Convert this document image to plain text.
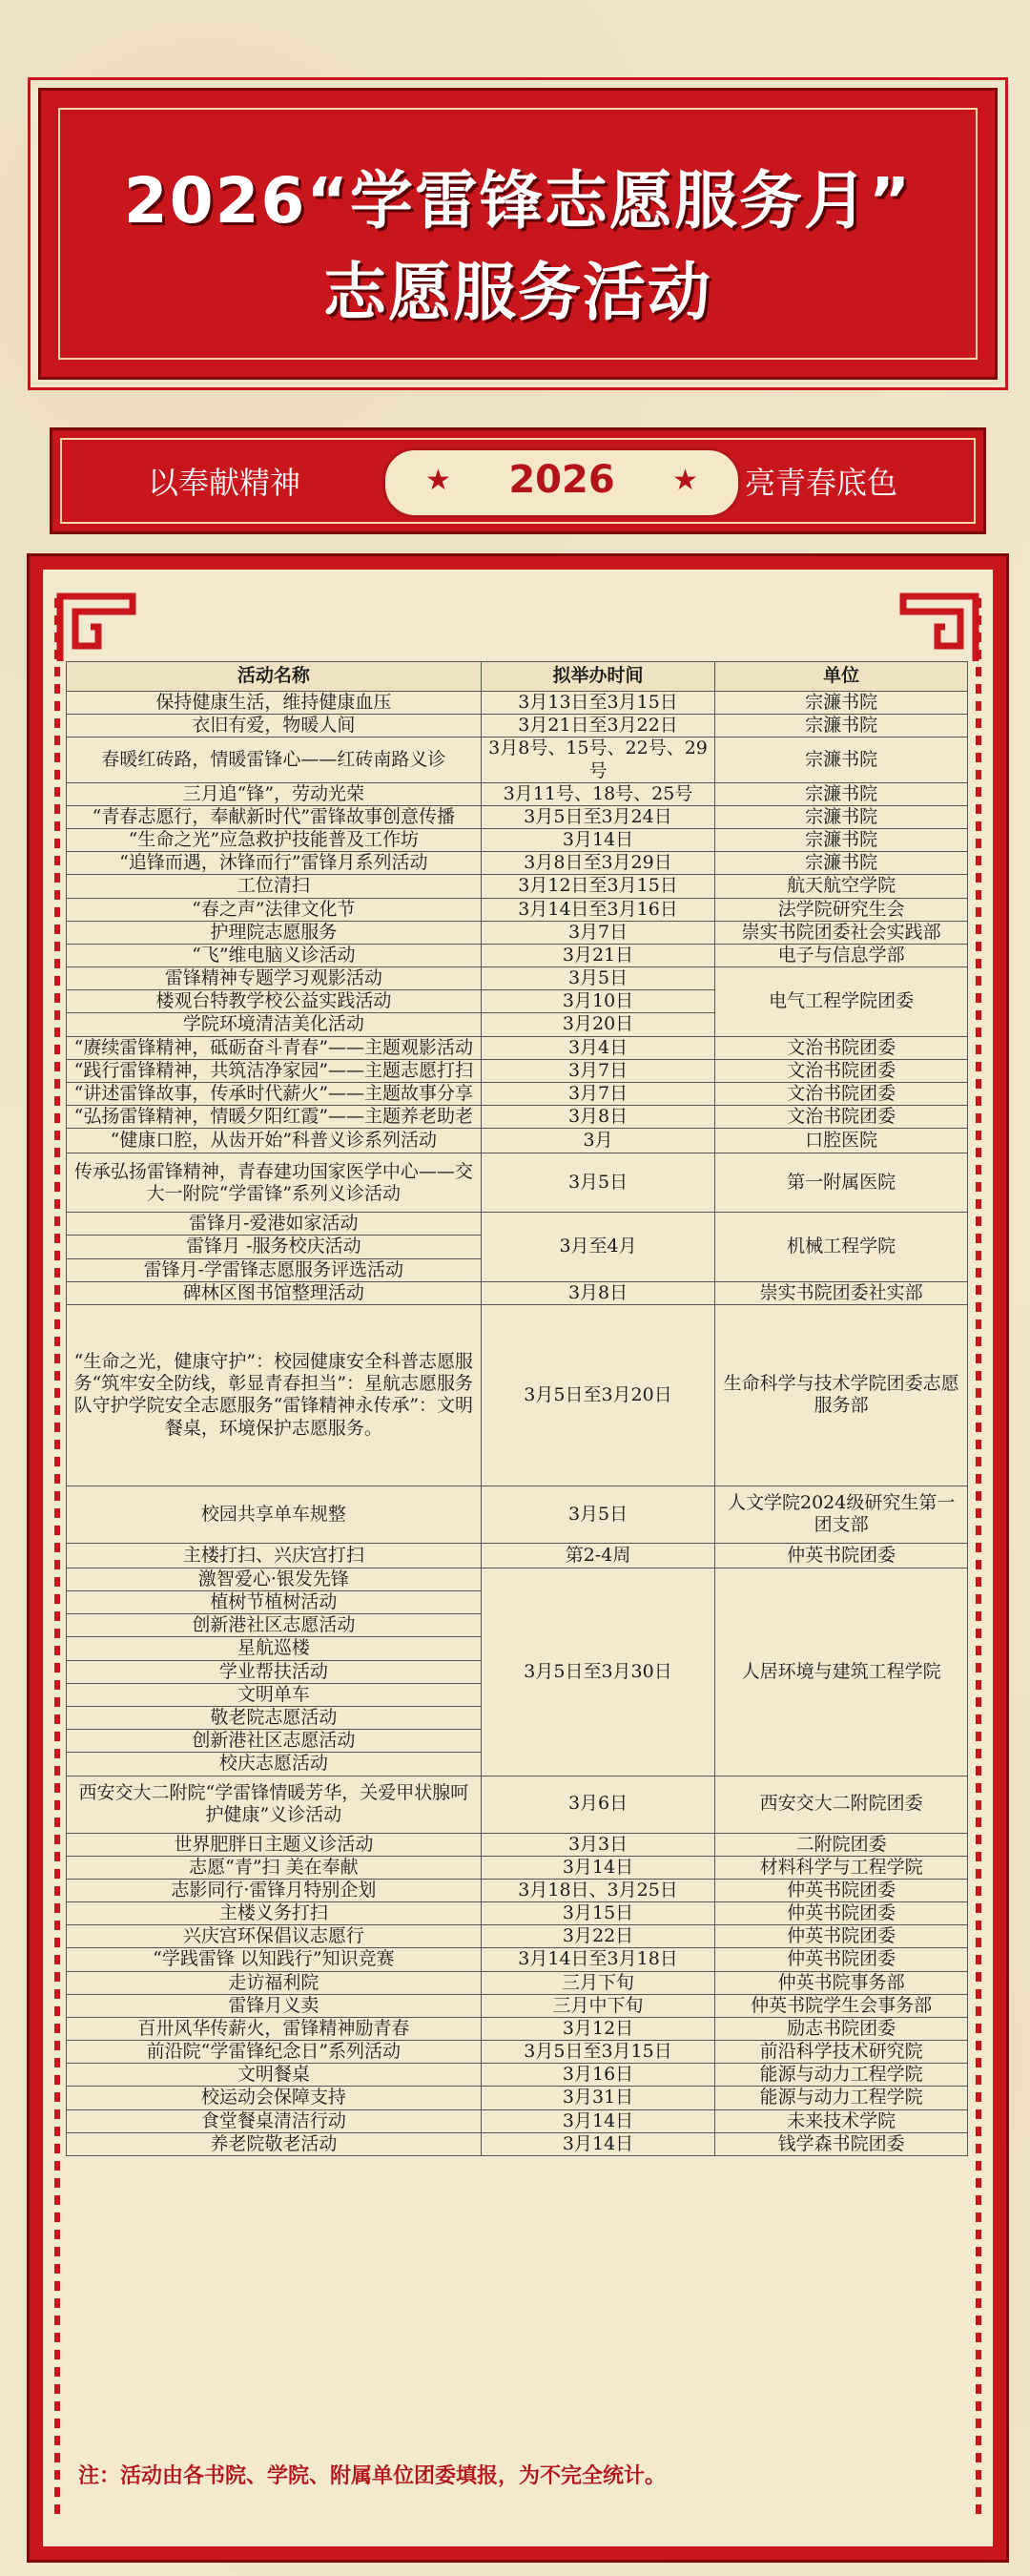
2026“学雷锋志愿服务月”
志愿服务活动
以奉献精神	★	2026	★ 亮青春底色
活动名称	拟举办时间	单位
保持健康生活，维持健康血压	3月13日至3月15日	宗濂书院
衣旧有爱，物暖人间	3月21日至3月22日	宗濂书院
春暖红砖路，情暖雷锋心——红砖南路义诊	3月8号、15号、22号、29号	宗濂书院
三月追“锋”，劳动光荣	3月11号、18号、25号	宗濂书院
“青春志愿行，奉献新时代”雷锋故事创意传播	3月5日至3月24日	宗濂书院
“生命之光”应急救护技能普及工作坊	3月14日	宗濂书院
“追锋而遇，沐锋而行”雷锋月系列活动	3月8日至3月29日	宗濂书院
工位清扫	3月12日至3月15日	航天航空学院
“春之声”法律文化节	3月14日至3月16日	法学院研究生会
护理院志愿服务	3月7日	崇实书院团委社会实践部
“飞”维电脑义诊活动	3月21日	电子与信息学部
雷锋精神专题学习观影活动	3月5日	电气工程学院团委
楼观台特教学校公益实践活动	3月10日	
学院环境清洁美化活动	3月20日	
“赓续雷锋精神，砥砺奋斗青春”——主题观影活动	3月4日	文治书院团委
“践行雷锋精神，共筑洁净家园”——主题志愿打扫	3月7日	文治书院团委
“讲述雷锋故事，传承时代薪火”——主题故事分享	3月7日	文治书院团委
“弘扬雷锋精神，情暖夕阳红霞”——主题养老助老	3月8日	文治书院团委
“健康口腔，从齿开始”科普义诊系列活动	3月	口腔医院
传承弘扬雷锋精神，青春建功国家医学中心——交大一附院“学雷锋”系列义诊活动	3月5日	第一附属医院
雷锋月-爱港如家活动	3月至4月	机械工程学院
雷锋月 -服务校庆活动		
雷锋月-学雷锋志愿服务评选活动		
碑林区图书馆整理活动	3月8日	崇实书院团委社实部
“生命之光，健康守护”：校园健康安全科普志愿服务“筑牢安全防线，彰显青春担当”：星航志愿服务队守护学院安全志愿服务“雷锋精神永传承”：文明餐桌，环境保护志愿服务。	3月5日至3月20日	生命科学与技术学院团委志愿服务部
校园共享单车规整	3月5日	人文学院2024级研究生第一团支部
主楼打扫、兴庆宫打扫	第2-4周	仲英书院团委
激智爱心·银发先锋	3月5日至3月30日	人居环境与建筑工程学院
植树节植树活动		
创新港社区志愿活动		
星航巡楼		
学业帮扶活动		
文明单车		
敬老院志愿活动		
创新港社区志愿活动		
校庆志愿活动		
西安交大二附院“学雷锋情暖芳华，关爱甲状腺呵护健康”义诊活动	3月6日	西安交大二附院团委
世界肥胖日主题义诊活动	3月3日	二附院团委
志愿“青”扫 美在奉献	3月14日	材料科学与工程学院
志影同行·雷锋月特别企划	3月18日、3月25日	仲英书院团委
主楼义务打扫	3月15日	仲英书院团委
兴庆宫环保倡议志愿行	3月22日	仲英书院团委
“学践雷锋 以知践行”知识竞赛	3月14日至3月18日	仲英书院团委
走访福利院	三月下旬	仲英书院事务部
雷锋月义卖	三月中下旬	仲英书院学生会事务部
百卅风华传薪火，雷锋精神励青春	3月12日	励志书院团委
前沿院“学雷锋纪念日”系列活动	3月5日至3月15日	前沿科学技术研究院
文明餐桌	3月16日	能源与动力工程学院
校运动会保障支持	3月31日	能源与动力工程学院
食堂餐桌清洁行动	3月14日	未来技术学院
养老院敬老活动	3月14日	钱学森书院团委
注：活动由各书院、学院、附属单位团委填报，为不完全统计。
